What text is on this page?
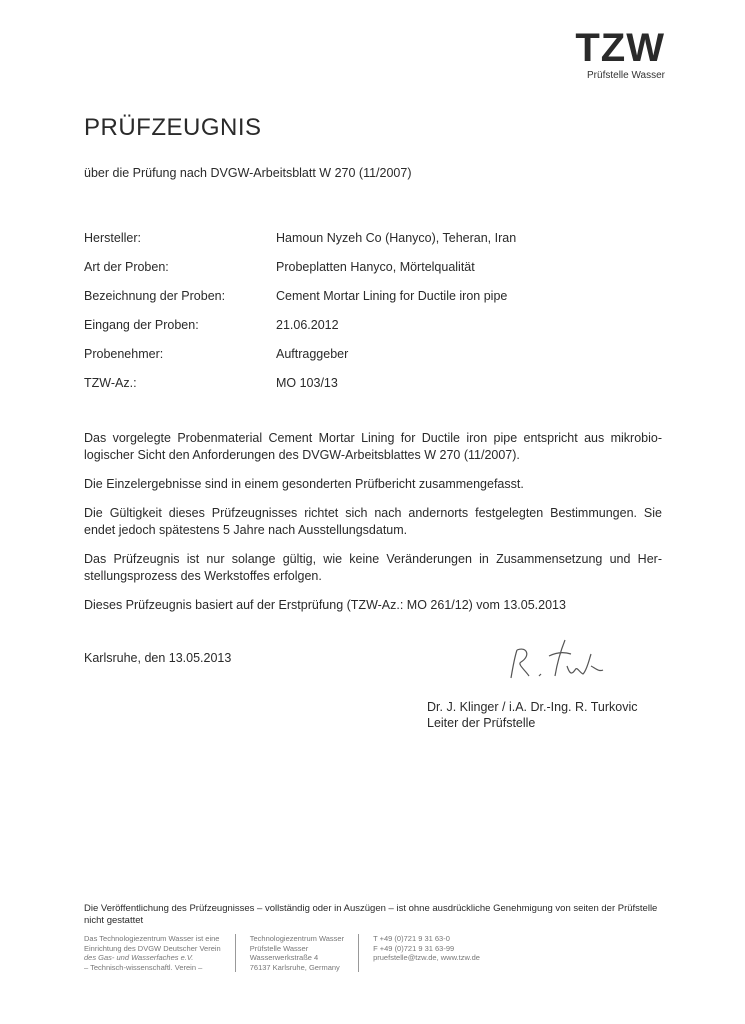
TZW
Prüfstelle Wasser
PRÜFZEUGNIS
über die Prüfung nach DVGW-Arbeitsblatt W 270 (11/2007)
Hersteller:	Hamoun Nyzeh Co (Hanyco), Teheran, Iran
Art der Proben:	Probeplatten Hanyco, Mörtelqualität
Bezeichnung der Proben:	Cement Mortar Lining for Ductile iron pipe
Eingang der Proben:	21.06.2012
Probenehmer:	Auftraggeber
TZW-Az.:	MO 103/13

Das vorgelegte Probenmaterial Cement Mortar Lining for Ductile iron pipe entspricht aus mikrobio-logischer Sicht den Anforderungen des DVGW-Arbeitsblattes W 270 (11/2007).

Die Einzelergebnisse sind in einem gesonderten Prüfbericht zusammengefasst.

Die Gültigkeit dieses Prüfzeugnisses richtet sich nach andernorts festgelegten Bestimmungen. Sie endet jedoch spätestens 5 Jahre nach Ausstellungsdatum.

Das Prüfzeugnis ist nur solange gültig, wie keine Veränderungen in Zusammensetzung und Her-stellungsprozess des Werkstoffes erfolgen.

Dieses Prüfzeugnis basiert auf der Erstprüfung (TZW-Az.: MO 261/12) vom 13.05.2013

Karlsruhe, den 13.05.2013
Dr. J. Klinger / i.A. Dr.-Ing. R. Turkovic
Leiter der Prüfstelle
Die Veröffentlichung des Prüfzeugnisses – vollständig oder in Auszügen – ist ohne ausdrückliche Genehmigung von seiten der Prüfstelle nicht gestattet
Das Technologiezentrum Wasser ist eine
Einrichtung des DVGW Deutscher Verein
des Gas- und Wasserfaches e.V.
– Technisch-wissenschaftl. Verein –
Technologiezentrum Wasser
Prüfstelle Wasser
Wasserwerkstraße 4
76137 Karlsruhe, Germany
T +49 (0)721 9 31 63-0
F +49 (0)721 9 31 63-99
pruefstelle@tzw.de, www.tzw.de
